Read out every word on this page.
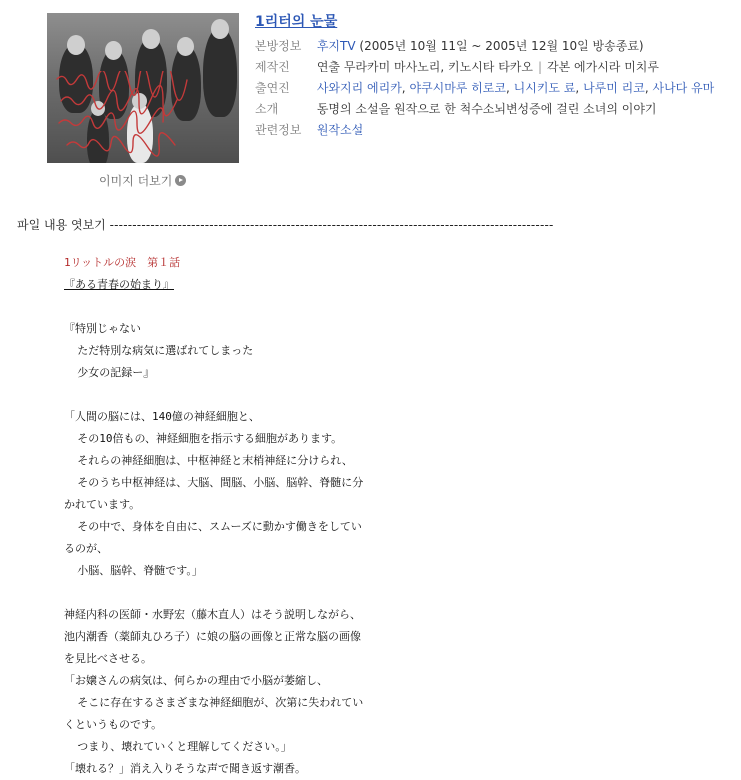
이미지 더보기
1리터의 눈물
본방정보 후지TV (2005년 10월 11일 ~ 2005년 12월 10일 방송종료)
제작진 연출 무라카미 마사노리, 키노시타 타카오 | 각본 에가시라 미치루
출연진 사와지리 에리카, 야쿠시마루 히로코, 니시키도 료, 나루미 리코, 사나다 유마
소개	동명의 소설을 원작으로 한 척수소뇌변성증에 걸린 소녀의 이야기
관련정보 원작소설
파일 내용 엿보기 --------------------------------------------------------------------------------------------------
1リットルの涙　第１話
『ある青春の始まり』
『特別じゃない
ただ特別な病気に選ばれてしまった
少女の記録ー』
「人間の脳には、140億の神経細胞と、
その10倍もの、神経細胞を指示する細胞があります。
それらの神経細胞は、中枢神経と末梢神経に分けられ、
そのうち中枢神経は、大脳、間脳、小脳、脳幹、脊髄に分
かれています。
その中で、身体を自由に、スムーズに動かす働きをしてい
るのが、
小脳、脳幹、脊髄です。」
神経内科の医師・水野宏（藤木直人）はそう説明しながら、
池内潮香（薬師丸ひろ子）に娘の脳の画像と正常な脳の画像
を見比べさせる。
「お嬢さんの病気は、何らかの理由で小脳が萎縮し、
そこに存在するさまざまな神経細胞が、次第に失われてい
くというものです。
つまり、壊れていくと理解してください。」
「壊れる？」消え入りそうな声で聞き返す潮香。
